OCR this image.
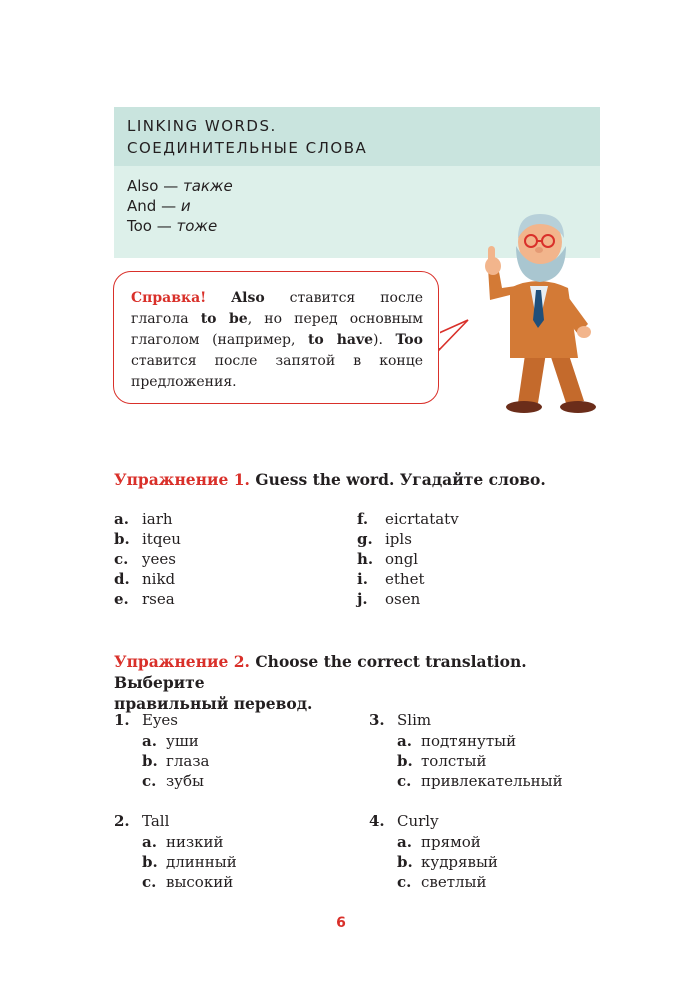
LINKING WORDS.
СОЕДИНИТЕЛЬНЫЕ СЛОВА
Also — также
And — и
Too — тоже
Справка! Also ставится после глагола to be, но перед основным глаголом (например, to have). Too ставится после запятой в конце предложения.
Упражнение 1. Guess the word. Угадайте слово.
a. iarh
b. itqeu
c. yees
d. nikd
e. rsea
f. eicrtatatv
g. ipls
h. ongl
i. ethet
j. osen
Упражнение 2. Choose the correct translation. Выберите
правильный перевод.
1. Eyes
a. уши
b. глаза
c. зубы
3. Slim
a. подтянутый
b. толстый
c. привлекательный
2. Tall
a. низкий
b. длинный
c. высокий
4. Curly
a. прямой
b. кудрявый
c. светлый
6
